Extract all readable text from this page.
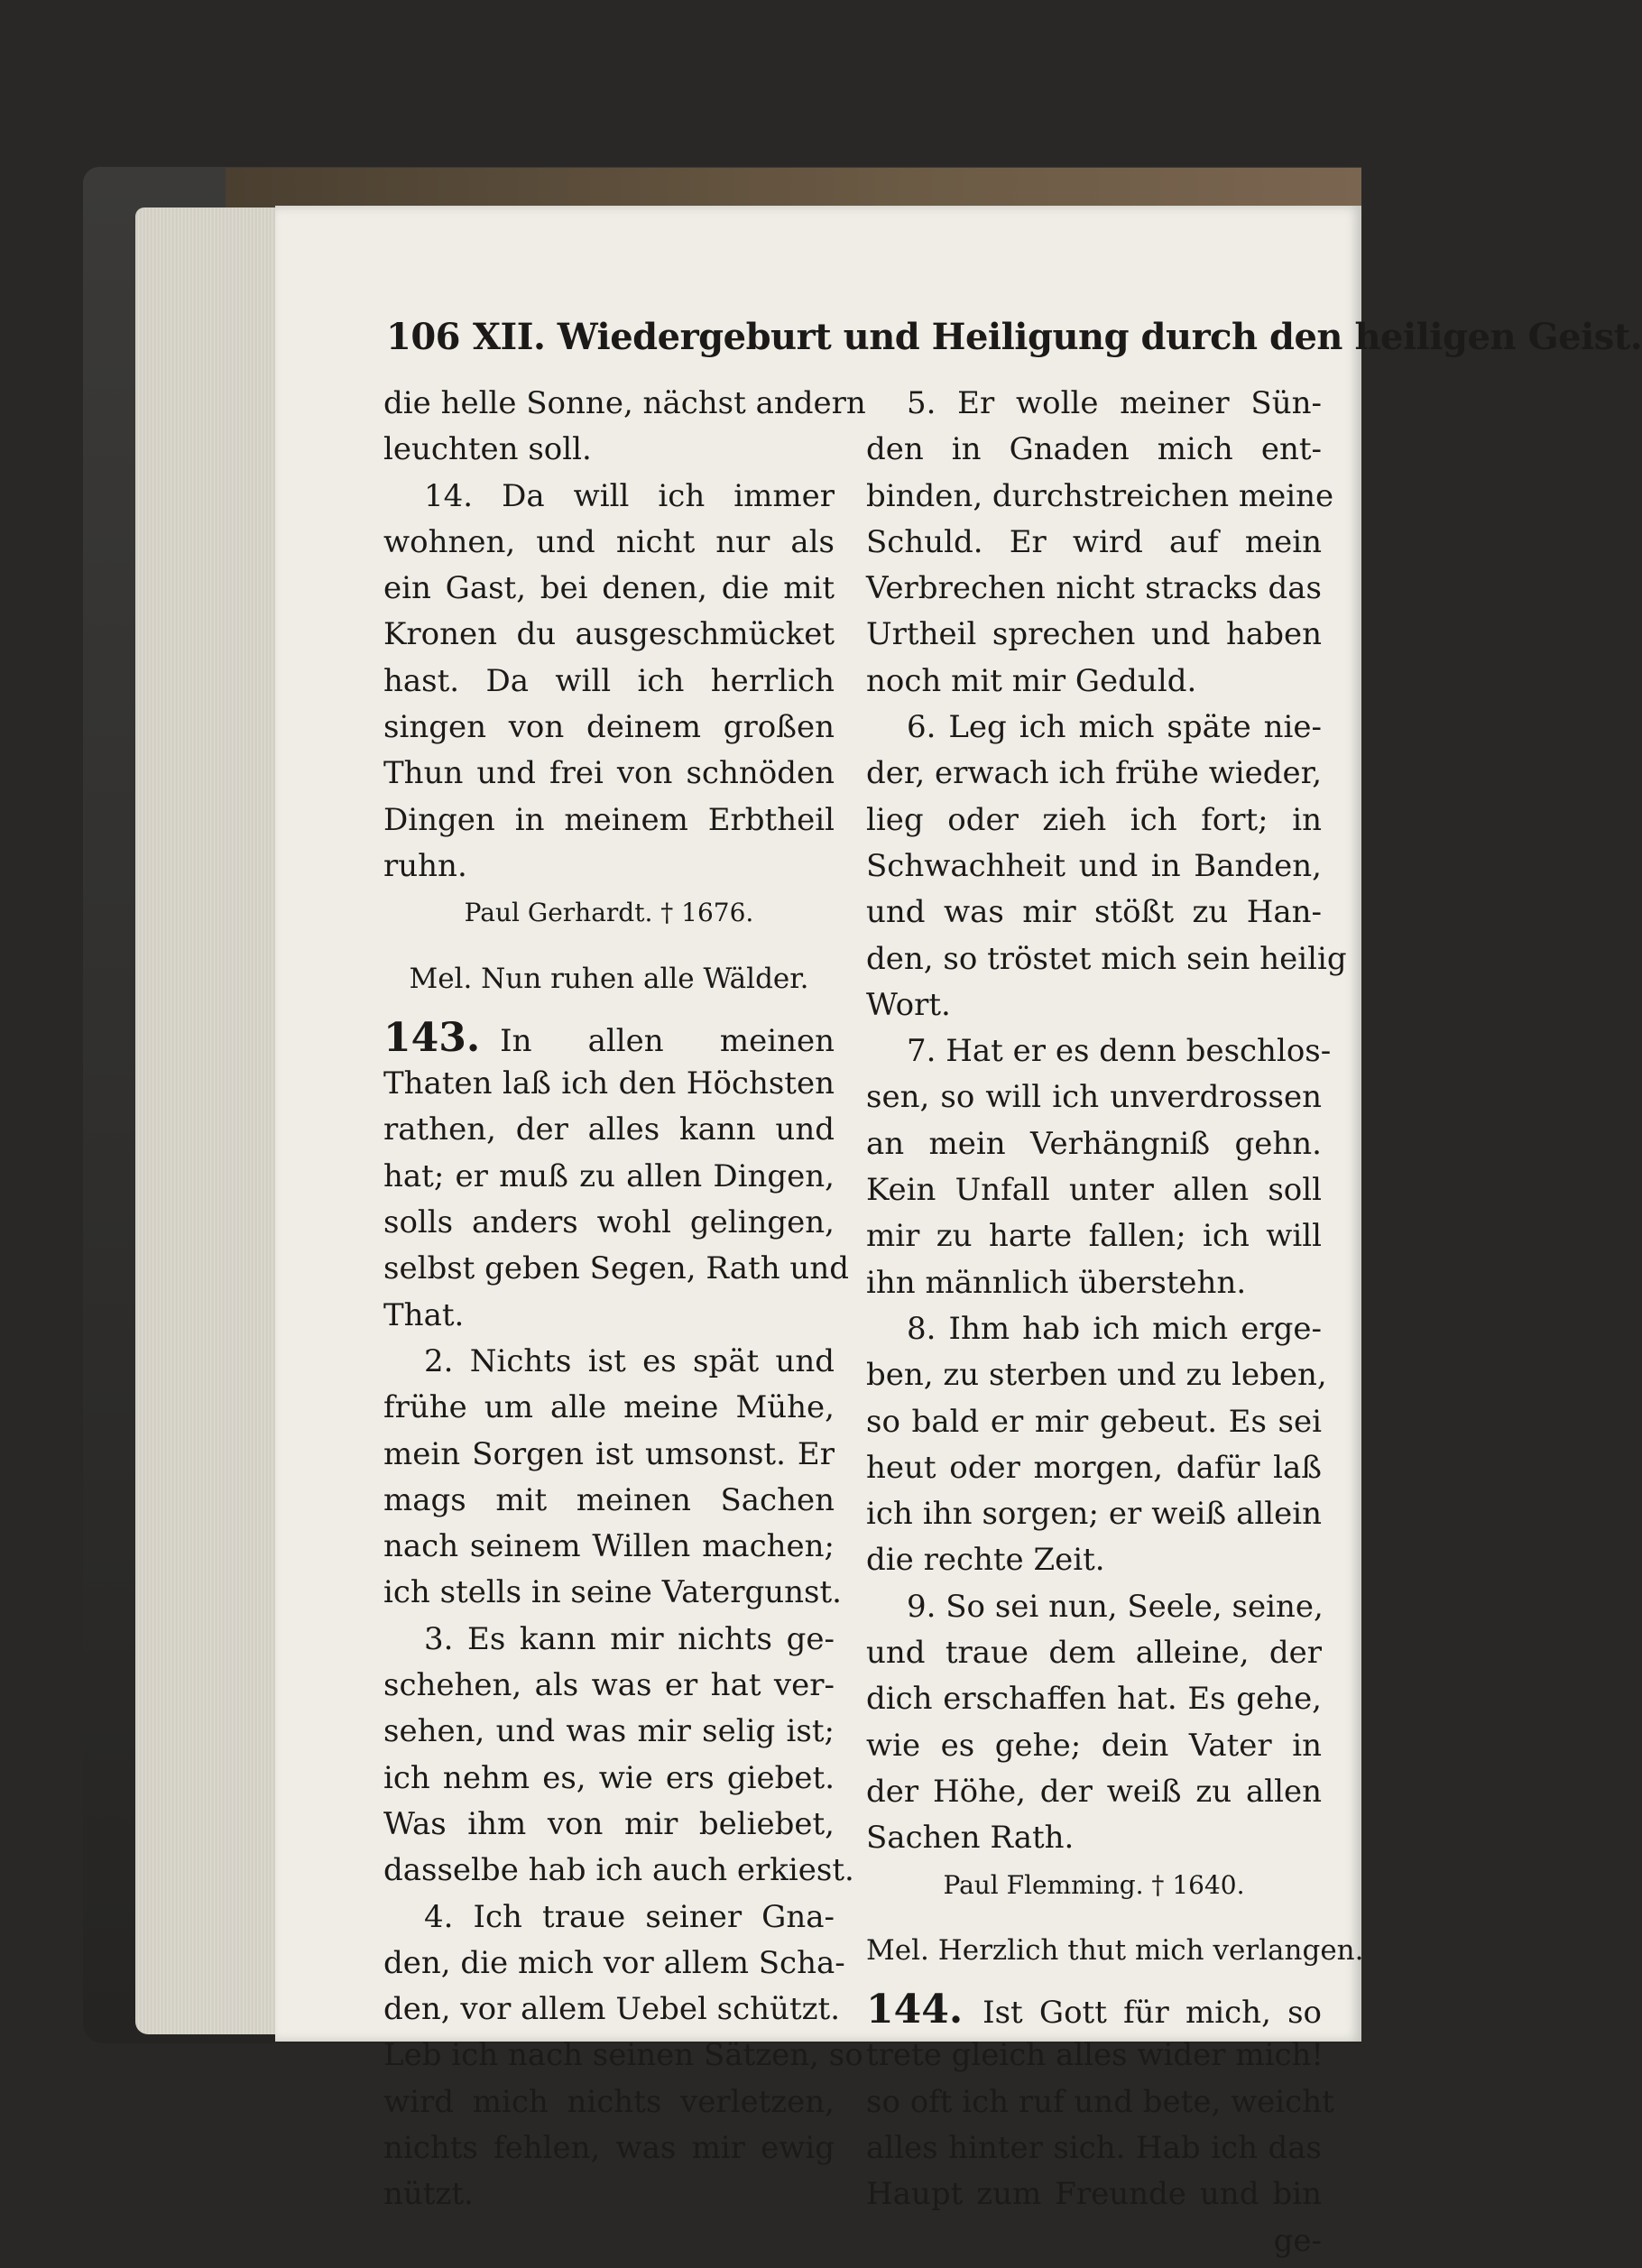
106 XII. Wiedergeburt und Heiligung durch den heiligen Geist.
die helle Sonne, nächst andern
leuchten soll.
14. Da will ich immer
wohnen, und nicht nur als
ein Gast, bei denen, die mit
Kronen du ausgeschmücket
hast. Da will ich herrlich
singen von deinem großen
Thun und frei von schnöden
Dingen in meinem Erbtheil
ruhn.
Paul Gerhardt. † 1676.
Mel. Nun ruhen alle Wälder.
143. In allen meinen
Thaten laß ich den Höchsten
rathen, der alles kann und
hat; er muß zu allen Dingen,
solls anders wohl gelingen,
selbst geben Segen, Rath und
That.
2. Nichts ist es spät und
frühe um alle meine Mühe,
mein Sorgen ist umsonst. Er
mags mit meinen Sachen
nach seinem Willen machen;
ich stells in seine Vatergunst.
3. Es kann mir nichts ge-
schehen, als was er hat ver-
sehen, und was mir selig ist;
ich nehm es, wie ers giebet.
Was ihm von mir beliebet,
dasselbe hab ich auch erkiest.
4. Ich traue seiner Gna-
den, die mich vor allem Scha-
den, vor allem Uebel schützt.
Leb ich nach seinen Sätzen, so
wird mich nichts verletzen,
nichts fehlen, was mir ewig
nützt.
5. Er wolle meiner Sün-
den in Gnaden mich ent-
binden, durchstreichen meine
Schuld. Er wird auf mein
Verbrechen nicht stracks das
Urtheil sprechen und haben
noch mit mir Geduld.
6. Leg ich mich späte nie-
der, erwach ich frühe wieder,
lieg oder zieh ich fort; in
Schwachheit und in Banden,
und was mir stößt zu Han-
den, so tröstet mich sein heilig
Wort.
7. Hat er es denn beschlos-
sen, so will ich unverdrossen
an mein Verhängniß gehn.
Kein Unfall unter allen soll
mir zu harte fallen; ich will
ihn männlich überstehn.
8. Ihm hab ich mich erge-
ben, zu sterben und zu leben,
so bald er mir gebeut. Es sei
heut oder morgen, dafür laß
ich ihn sorgen; er weiß allein
die rechte Zeit.
9. So sei nun, Seele, seine,
und traue dem alleine, der
dich erschaffen hat. Es gehe,
wie es gehe; dein Vater in
der Höhe, der weiß zu allen
Sachen Rath.
Paul Flemming. † 1640.
Mel. Herzlich thut mich verlangen.
144. Ist Gott für mich, so
trete gleich alles wider mich!
so oft ich ruf und bete, weicht
alles hinter sich. Hab ich das
Haupt zum Freunde und bin
ge-
